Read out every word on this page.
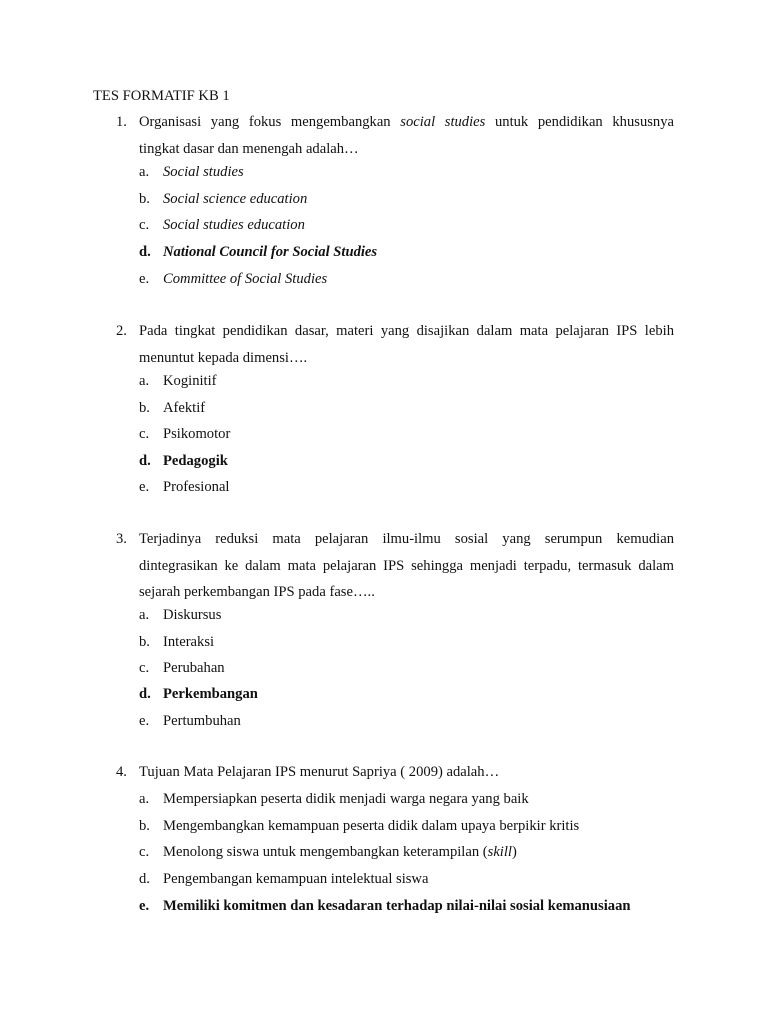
TES FORMATIF KB 1
1. Organisasi yang fokus mengembangkan social studies untuk pendidikan khususnya
tingkat dasar dan menengah adalah…
a. Social studies
b. Social science education
c. Social studies education
d. National Council for Social Studies
e. Committee of Social Studies
2. Pada tingkat pendidikan dasar, materi yang disajikan dalam mata pelajaran IPS lebih
menuntut kepada dimensi….
a. Koginitif
b. Afektif
c. Psikomotor
d. Pedagogik
e. Profesional
3. Terjadinya reduksi mata pelajaran ilmu-ilmu sosial yang serumpun kemudian
dintegrasikan ke dalam mata pelajaran IPS sehingga menjadi terpadu, termasuk dalam
sejarah perkembangan IPS pada fase…..
a. Diskursus
b. Interaksi
c. Perubahan
d. Perkembangan
e. Pertumbuhan
4. Tujuan Mata Pelajaran IPS menurut Sapriya ( 2009) adalah…
a. Mempersiapkan peserta didik menjadi warga negara yang baik
b. Mengembangkan kemampuan peserta didik dalam upaya berpikir kritis
c. Menolong siswa untuk mengembangkan keterampilan (skill)
d. Pengembangan kemampuan intelektual siswa
e. Memiliki komitmen dan kesadaran terhadap nilai-nilai sosial kemanusiaan
